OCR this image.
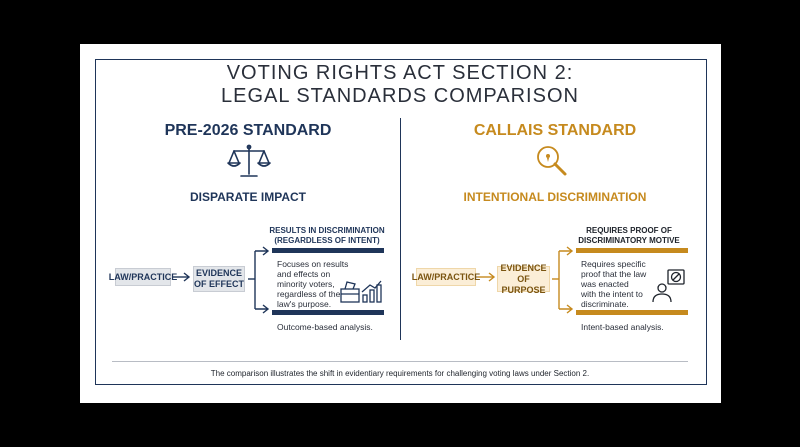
VOTING RIGHTS ACT SECTION 2:
LEGAL STANDARDS COMPARISON
PRE-2026 STANDARD
DISPARATE IMPACT
LAW/PRACTICE EVIDENCE
OF EFFECT
RESULTS IN DISCRIMINATION
(REGARDLESS OF INTENT)
Focuses on results
and effects on
minority voters,
regardless of the
law's purpose.
Outcome-based analysis.
CALLAIS STANDARD
INTENTIONAL DISCRIMINATION
LAW/PRACTICE
EVIDENCE
OF PURPOSE
REQUIRES PROOF OF
DISCRIMINATORY MOTIVE
Requires specific
proof that the law
was enacted
with the intent to
discriminate.
Intent-based analysis.
The comparison illustrates the shift in evidentiary requirements for challenging voting laws under Section 2.
